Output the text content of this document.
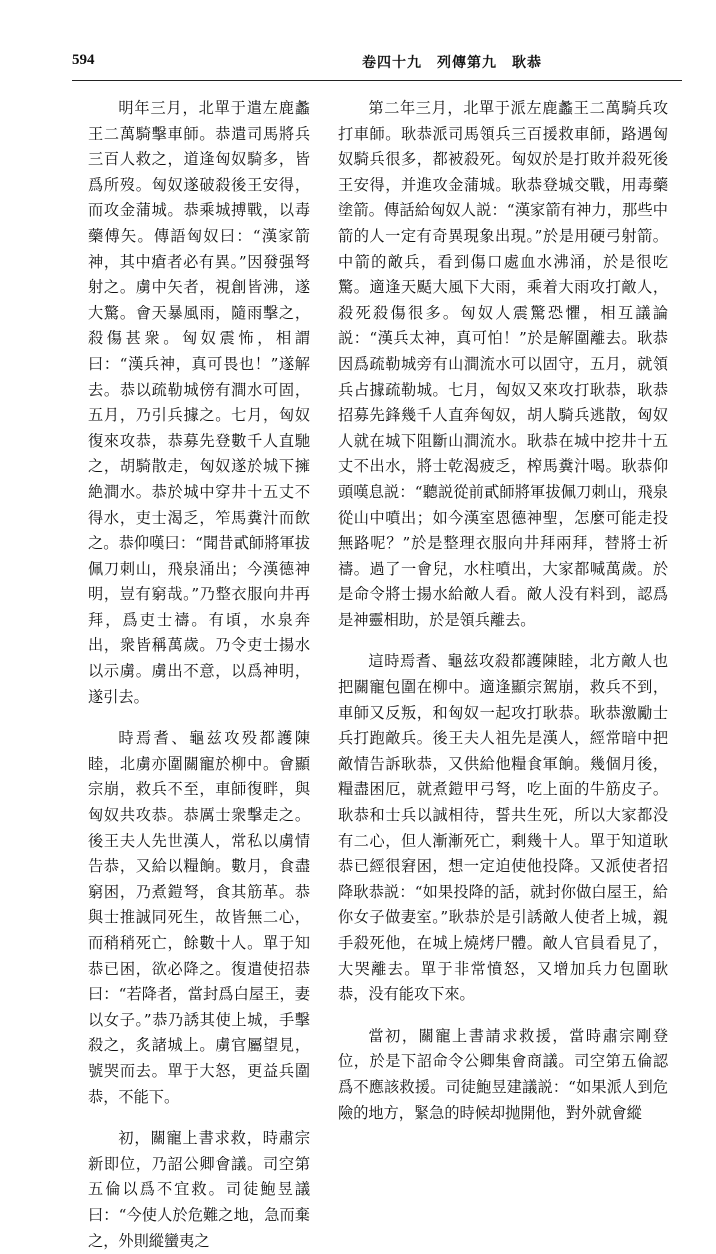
594	卷四十九　列傳第九　耿恭

明年三月，北單于遣左鹿蠡王二萬騎擊車師。恭遣司馬將兵三百人救之，道逢匈奴騎多，皆爲所歿。匈奴遂破殺後王安得，而攻金蒲城。恭乘城搏戰，以毒藥傅矢。傳語匈奴曰：“漢家箭神，其中瘡者必有異。”因發强弩射之。虜中矢者，視創皆沸，遂大驚。會天暴風雨，隨雨擊之，殺傷甚衆。匈奴震怖，相謂曰：“漢兵神，真可畏也！”遂解去。恭以疏勒城傍有澗水可固，五月，乃引兵據之。七月，匈奴復來攻恭，恭募先登數千人直馳之，胡騎散走，匈奴遂於城下擁絶澗水。恭於城中穿井十五丈不得水，吏士渴乏，笮馬糞汁而飲之。恭仰嘆曰：“聞昔貳師將軍拔佩刀刺山，飛泉涌出；今漢德神明，豈有窮哉。”乃整衣服向井再拜，爲吏士禱。有頃，水泉奔出，衆皆稱萬歲。乃令吏士揚水以示虜。虜出不意，以爲神明，遂引去。

時焉耆、龜兹攻殁都護陳睦，北虜亦圍關寵於柳中。會顯宗崩，救兵不至，車師復畔，與匈奴共攻恭。恭厲士衆擊走之。後王夫人先世漢人，常私以虜情告恭，又給以糧餉。數月，食盡窮困，乃煮鎧弩，食其筋革。恭與士推誠同死生，故皆無二心，而稍稍死亡，餘數十人。單于知恭已困，欲必降之。復遣使招恭曰：“若降者，當封爲白屋王，妻以女子。”恭乃誘其使上城，手擊殺之，炙諸城上。虜官屬望見，號哭而去。單于大怒，更益兵圍恭，不能下。

初，關寵上書求救，時肅宗新即位，乃詔公卿會議。司空第五倫以爲不宜救。司徒鮑昱議曰：“今使人於危難之地，急而棄之，外則縱蠻夷之

第二年三月，北單于派左鹿蠡王二萬騎兵攻打車師。耿恭派司馬領兵三百援救車師，路遇匈奴騎兵很多，都被殺死。匈奴於是打敗并殺死後王安得，并進攻金蒲城。耿恭登城交戰，用毒藥塗箭。傳話給匈奴人説：“漢家箭有神力，那些中箭的人一定有奇異現象出現。”於是用硬弓射箭。中箭的敵兵，看到傷口處血水沸涌，於是很吃驚。適逢天颳大風下大雨，乘着大雨攻打敵人，殺死殺傷很多。匈奴人震驚恐懼，相互議論説：“漢兵太神，真可怕！”於是解圍離去。耿恭因爲疏勒城旁有山澗流水可以固守，五月，就領兵占據疏勒城。七月，匈奴又來攻打耿恭，耿恭招募先鋒幾千人直奔匈奴，胡人騎兵逃散，匈奴人就在城下阻斷山澗流水。耿恭在城中挖井十五丈不出水，將士乾渴疲乏，榨馬糞汁喝。耿恭仰頭嘆息説：“聽説從前貳師將軍拔佩刀刺山，飛泉從山中噴出；如今漢室恩德神聖，怎麼可能走投無路呢？”於是整理衣服向井拜兩拜，替將士祈禱。過了一會兒，水柱噴出，大家都喊萬歲。於是命令將士揚水給敵人看。敵人没有料到，認爲是神靈相助，於是領兵離去。

這時焉耆、龜兹攻殺都護陳睦，北方敵人也把關寵包圍在柳中。適逢顯宗駕崩，救兵不到，車師又反叛，和匈奴一起攻打耿恭。耿恭激勵士兵打跑敵兵。後王夫人祖先是漢人，經常暗中把敵情告訴耿恭，又供給他糧食軍餉。幾個月後，糧盡困厄，就煮鎧甲弓弩，吃上面的牛筋皮子。耿恭和士兵以誠相待，誓共生死，所以大家都没有二心，但人漸漸死亡，剩幾十人。單于知道耿恭已經很窘困，想一定迫使他投降。又派使者招降耿恭説：“如果投降的話，就封你做白屋王，給你女子做妻室。”耿恭於是引誘敵人使者上城，親手殺死他，在城上燒烤尸體。敵人官員看見了，大哭離去。單于非常憤怒，又增加兵力包圍耿恭，没有能攻下來。

當初，關寵上書請求救援，當時肅宗剛登位，於是下詔命令公卿集會商議。司空第五倫認爲不應該救援。司徒鮑昱建議説：“如果派人到危險的地方，緊急的時候却抛開他，對外就會縱
